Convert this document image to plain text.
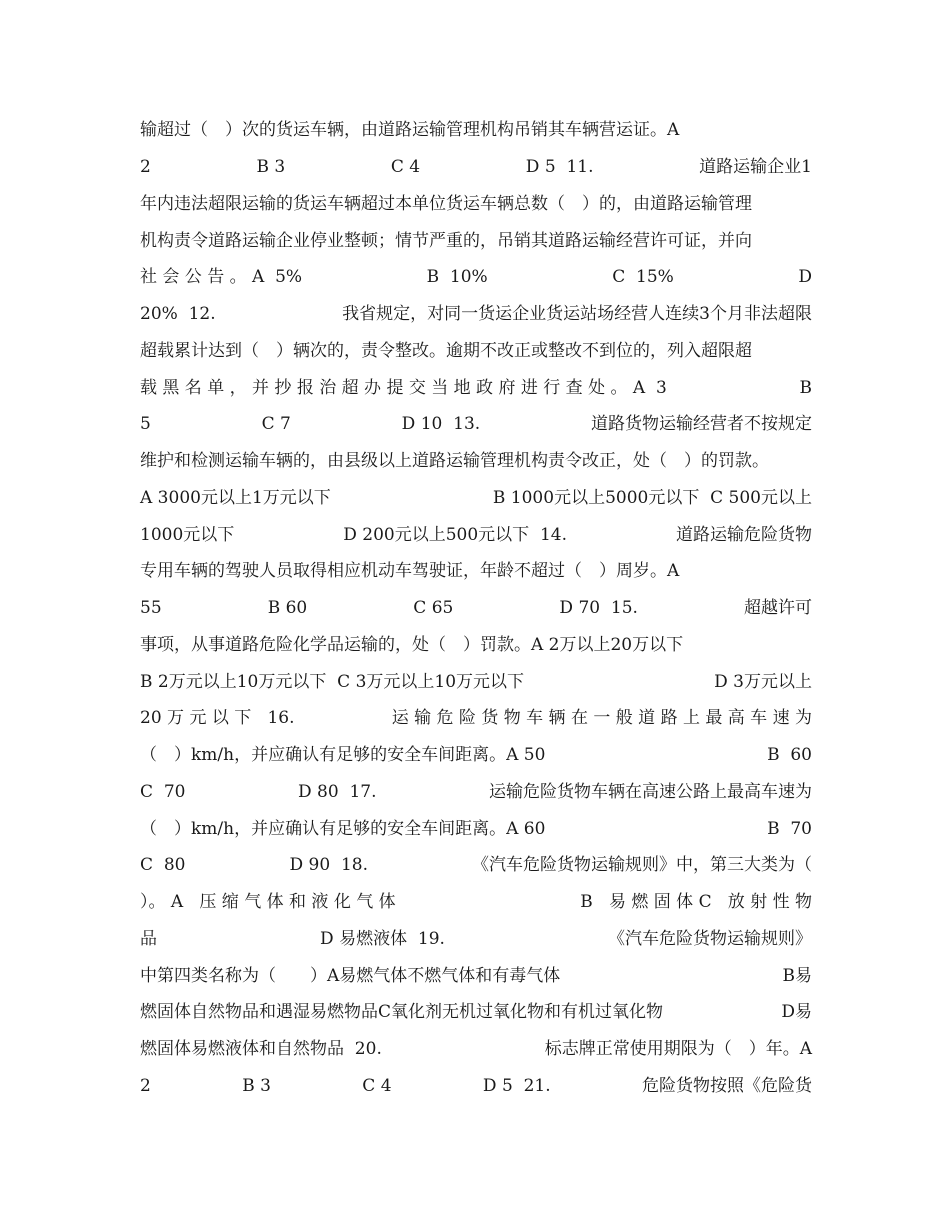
输超过（　）次的货运车辆，由道路运输管理机构吊销其车辆营运证。A
2	B 3	C 4	D 5  11.	道路运输企业1
年内违法超限运输的货运车辆超过本单位货运车辆总数（　）的，由道路运输管理
机构责令道路运输企业停业整顿；情节严重的，吊销其道路运输经营许可证，并向
社 会 公 告 。 A  5%	B  10%	C  15%	D
20%  12.	我省规定，对同一货运企业货运站场经营人连续3个月非法超限
超载累计达到（　）辆次的，责令整改。逾期不改正或整改不到位的，列入超限超
载 黑 名 单 ， 并 抄 报 治 超 办 提 交 当 地 政 府 进 行 查 处 。 A  3	B
5	C 7	D 10  13.	道路货物运输经营者不按规定
维护和检测运输车辆的，由县级以上道路运输管理机构责令改正，处（　）的罚款。
A 3000元以上1万元以下	B 1000元以上5000元以下  C 500元以上
1000元以下	D 200元以上500元以下  14.	道路运输危险货物
专用车辆的驾驶人员取得相应机动车驾驶证，年龄不超过（　）周岁。A
55	B 60	C 65	D 70  15.	超越许可
事项，从事道路危险化学品运输的，处（　）罚款。A 2万以上20万以下
B 2万元以上10万元以下  C 3万元以上10万元以下	D 3万元以上
20 万 元 以 下   16.	运 输 危 险 货 物 车 辆 在 一 般 道 路 上 最 高 车 速 为
（　）km/h，并应确认有足够的安全车间距离。A 50	B  60
C  70	D 80  17.	运输危险货物车辆在高速公路上最高车速为
（　）km/h，并应确认有足够的安全车间距离。A 60	B  70
C  80	D 90  18.	《汽车危险货物运输规则》中，第三大类为（
）。 A   压 缩 气 体 和 液 化 气 体	B   易 燃 固 体 C   放 射 性 物
品	D 易燃液体  19.	《汽车危险货物运输规则》
中第四类名称为（　　）A易燃气体不燃气体和有毒气体	B易
燃固体自然物品和遇湿易燃物品C氧化剂无机过氧化物和有机过氧化物	D易
燃固体易燃液体和自然物品  20.	标志牌正常使用期限为（　）年。A
2	B 3	C 4	D 5  21.	危险货物按照《危险货
